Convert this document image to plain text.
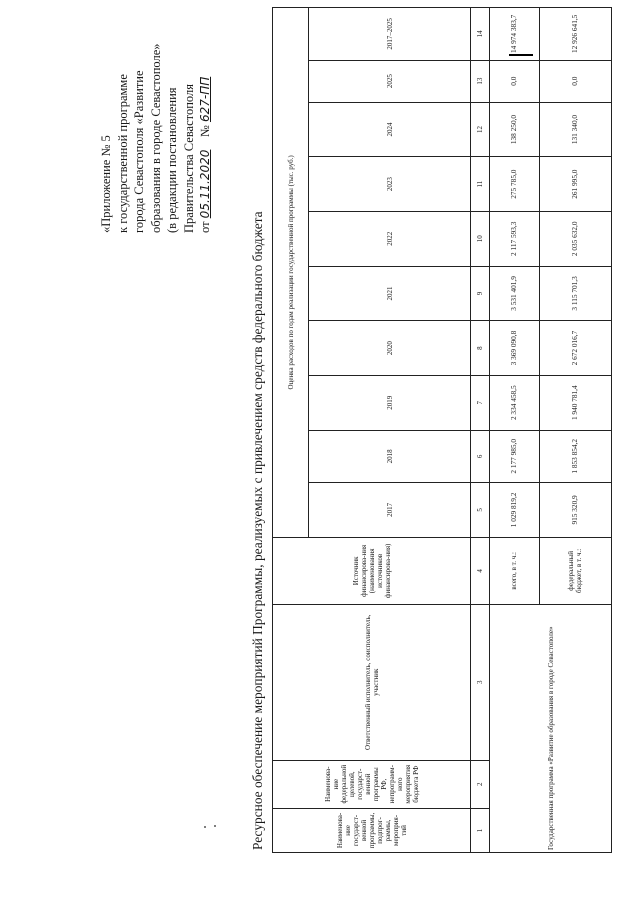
«Приложение № 5 к государственной программе города Севастополя «Развитие образования в городе Севастополе» (в редакции постановления Правительства Севастополя от 05.11.2020    № 627-ПП
Ресурсное обеспечение мероприятий Программы, реализуемых с привлечением средств федерального бюджета	Наименова-ние государст-венной программы, подпрог-раммы, мероприя-тий	Наименова-ние федеральной целевой, государст-венной программы РФ, непрограмм-ного мероприятия бюджета РФ	Ответственный исполнитель, соисполнитель, участник	Источник финансирова-ния (наименования источников финансирова-ния)	Оценка расходов по годам реализации государственной программы (тыс. руб.)									
				2017	2018	2019	2020	2021	2022	2023	2024	2025	2017–2025
1	2	3	4	5	6	7	8	9	10	11	12	13	14
Государственная программа «Развитие образования в городе Севастополе»			всего, в т. ч.:	1 029 819,2	2 177 985,0	2 334 458,5	3 369 090,8	3 531 401,9	2 117 593,3	275 785,0	138 250,0	0,0	14 974 383,7
			федеральный бюджет, в т. ч.:	915 320,9	1 853 854,2	1 940 781,4	2 672 016,7	3 115 701,3	2 035 632,0	261 995,0	131 340,0	0,0	12 926 641,5
